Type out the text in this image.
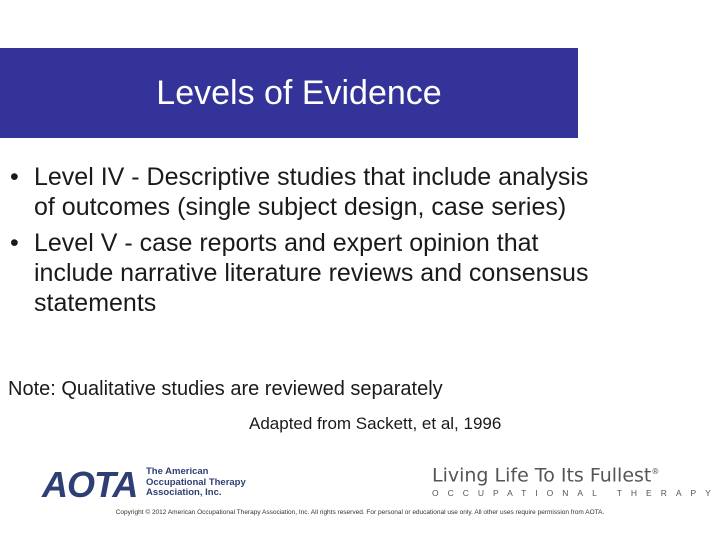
Levels of Evidence
• Level IV - Descriptive studies that include analysis of outcomes (single subject design, case series)
• Level V - case reports and expert opinion that include narrative literature reviews and consensus statements
Note: Qualitative studies are reviewed separately
Adapted from Sackett, et al, 1996
AOTA The American
Occupational Therapy
Association, Inc.
Living Life To Its Fullest®
OCCUPATIONAL THERAPY
Copyright © 2012 American Occupational Therapy Association, Inc. All rights reserved. For personal or educational use only. All other uses require permission from AOTA.
